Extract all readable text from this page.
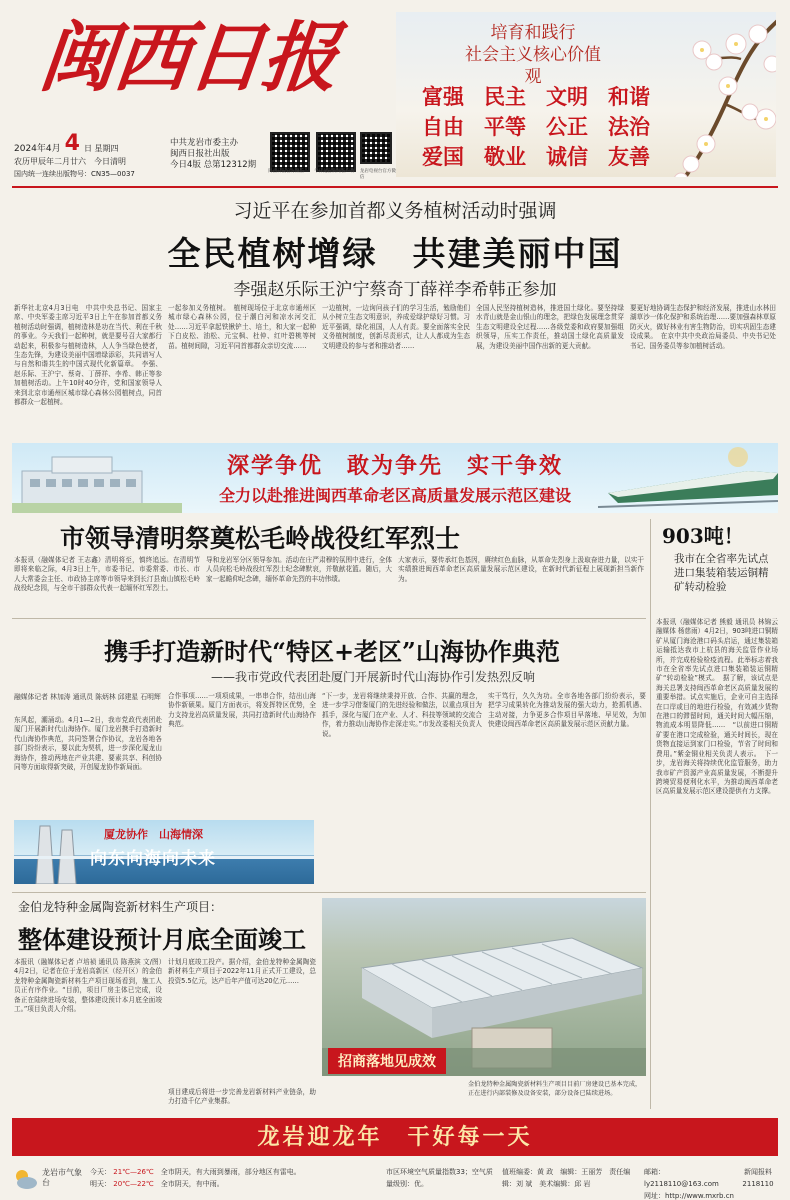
闽西日报
2024年4月 4 日 星期四
农历甲辰年二月廿六 今日清明
国内统一连续出版物号：CN35—0037
中共龙岩市委主办
闽西日报社出版
今日4版 总第12312期
闽西日报官方微信	今日龙岩新闻客户端	龙岩电视台官方微信
培育和践行
社会主义核心价值观
富强 民主 文明 和谐 自由 平等 公正 法治 爱国 敬业 诚信 友善
习近平在参加首都义务植树活动时强调
全民植树增绿　共建美丽中国
李强赵乐际王沪宁蔡奇丁薛祥李希韩正参加
新华社北京4月3日电　中共中央总书记、国家主席、中央军委主席习近平3日上午在参加首都义务植树活动时强调，植树造林是功在当代、利在千秋的事业。今天我们一起种树，就是要号召大家都行动起来，积极参与植树造林，人人争当绿色使者，生态先锋，为建设美丽中国增绿添彩，共同谱写人与自然和谐共生的中国式现代化新篇章。　李强、赵乐际、王沪宁、蔡奇、丁薛祥、李希、韩正等参加植树活动。上午10时40分许，党和国家领导人来到北京市通州区城市绿心森林公园植树点，同首都群众一起植树。
一起参加义务植树。　植树现场位于北京市通州区城市绿心森林公园，位于潮白河和凉水河交汇处……习近平拿起铁锹铲土、培土，和大家一起种下白皮松、油松、元宝枫、杜仲、红叶碧桃等树苗。植树间隙，习近平同首都群众亲切交流……
一边植树，一边询问孩子们的学习生活，勉励他们从小树立生态文明意识，养成爱绿护绿好习惯。习近平强调，绿化祖国，人人有责。要全面落实全民义务植树制度，创新尽责形式，让人人都成为生态文明建设的参与者和推动者……
全国人民坚持植树造林，推进国土绿化。要坚持绿水青山就是金山银山的理念，把绿色发展理念贯穿生态文明建设全过程……各级党委和政府要加强组织领导，压实工作责任，推动国土绿化高质量发展，为建设美丽中国作出新的更大贡献。
要更好地协调生态保护和经济发展，推进山水林田湖草沙一体化保护和系统治理……要加强森林草原防灭火，做好林业有害生物防治，切实巩固生态建设成果。　在京中共中央政治局委员、中央书记处书记、国务委员等参加植树活动。
深学争优　敢为争先　实干争效
全力以赴推进闽西革命老区高质量发展示范区建设
市领导清明祭奠松毛岭战役红军烈士
本报讯（融媒体记者 王志鑫）清明将至，慎终追远。在清明节即将来临之际，4月3日上午，市委书记、市委常委、市长、市人大常委会主任、市政协主席等市领导来到长汀县南山镇松毛岭战役纪念园，与全市干部群众代表一起缅怀红军烈士。
导和龙岩军分区领导参加。活动在庄严肃穆的氛围中进行，全体人员向松毛岭战役红军烈士纪念碑默哀，并敬献花篮。随后，大家一起瞻仰纪念碑，缅怀革命先烈的丰功伟绩。
大家表示，要传承红色基因，赓续红色血脉，从革命先烈身上汲取奋进力量，以实干实绩推进闽西革命老区高质量发展示范区建设，在新时代新征程上展现新担当新作为。
903吨！
我市在全省率先试点进口集装箱装运铜精矿转动检验
本报讯（融媒体记者 熊毅 通讯员 林锦云 融媒体 杨慈雨）4月2日，903吨进口铜精矿从厦门海沧港口码头启运，通过集装箱运输抵达我市上杭县的海关监管作业场所，并完成检验检疫流程。此举标志着我市在全省率先试点进口集装箱装运铜精矿“转动检验”模式。　据了解，该试点是海关总署支持闽西革命老区高质量发展的重要举措。试点实施后，企业可自主选择在口岸或目的地进行检验，有效减少货物在港口的滞留时间，通关时间大幅压缩，物流成本明显降低……　“以前进口铜精矿要在港口完成检验，通关时间长，现在货物直接运到家门口检验，节省了时间和费用。”紫金铜业相关负责人表示。　下一步，龙岩海关将持续优化监管服务，助力我市矿产资源产业高质量发展，不断提升跨境贸易便利化水平，为推动闽西革命老区高质量发展示范区建设提供有力支撑。
携手打造新时代“特区+老区”山海协作典范
——我市党政代表团赴厦门开展新时代山海协作引发热烈反响
融媒体记者 林加涛 通讯员 陈炳林 邱建星 石明辉
东风起，潮涌动。4月1—2日，我市党政代表团赴厦门开展新时代山海协作。厦门龙岩携手打造新时代山海协作典范，共同签署合作协议，龙岩各地各部门纷纷表示，要以此为契机，进一步深化厦龙山海协作，推动两地在产业共建、要素共享、科创协同等方面取得新突破，开创厦龙协作新局面。
合作事项……一项项成果，一串串合作，结出山海协作新硕果。厦门方面表示，将发挥特区优势，全力支持龙岩高质量发展，共同打造新时代山海协作典范。
“下一步，龙岩将继续秉持开放、合作、共赢的理念，进一步学习借鉴厦门的先进经验和做法，以重点项目为抓手，深化与厦门在产业、人才、科技等领域的交流合作，着力推动山海协作走深走实。”市发改委相关负责人说。
实干笃行，久久为功。全市各地各部门纷纷表示，要把学习成果转化为推动发展的强大动力，抢抓机遇、主动对接，力争更多合作项目早落地、早见效，为加快建设闽西革命老区高质量发展示范区贡献力量。
厦龙协作　山海情深
向东向海向未来
金伯龙特种金属陶瓷新材料生产项目：
整体建设预计月底全面竣工
本报讯（融媒体记者 卢培祯 通讯员 陈燕滨 文/图）4月2日，记者在位于龙岩高新区（经开区）的金伯龙特种金属陶瓷新材料生产项目现场看到，施工人员正有序作业。“目前，项目厂房主体已完成，设备正在陆续进场安装，整体建设预计本月底全面竣工。”项目负责人介绍。
计划月底竣工投产。据介绍，金伯龙特种金属陶瓷新材料生产项目于2022年11月正式开工建设，总投资5.5亿元，达产后年产值可达20亿元……
项目建成后将进一步完善龙岩新材料产业链条，助力打造千亿产业集群。
招商落地见成效
金伯龙特种金属陶瓷新材料生产项目目前厂房建设已基本完成，正在进行内部装修及设备安装，部分设备已陆续进场。
龙岩迎龙年　干好每一天
龙岩市气象台
今天： 21℃—26℃　 全市阴天，有大雨到暴雨，部分地区有雷电。
明天： 20℃—22℃　 全市阴天，有中雨。
市区环境空气质量指数33；空气质量级别：优。
值班编委：黄 政　编辑：王丽芳　责任编辑：刘 斌　美术编辑：邱 岩
邮箱：ly2118110@163.com
网址：http://www.mxrb.cn
新闻报料
2118110
